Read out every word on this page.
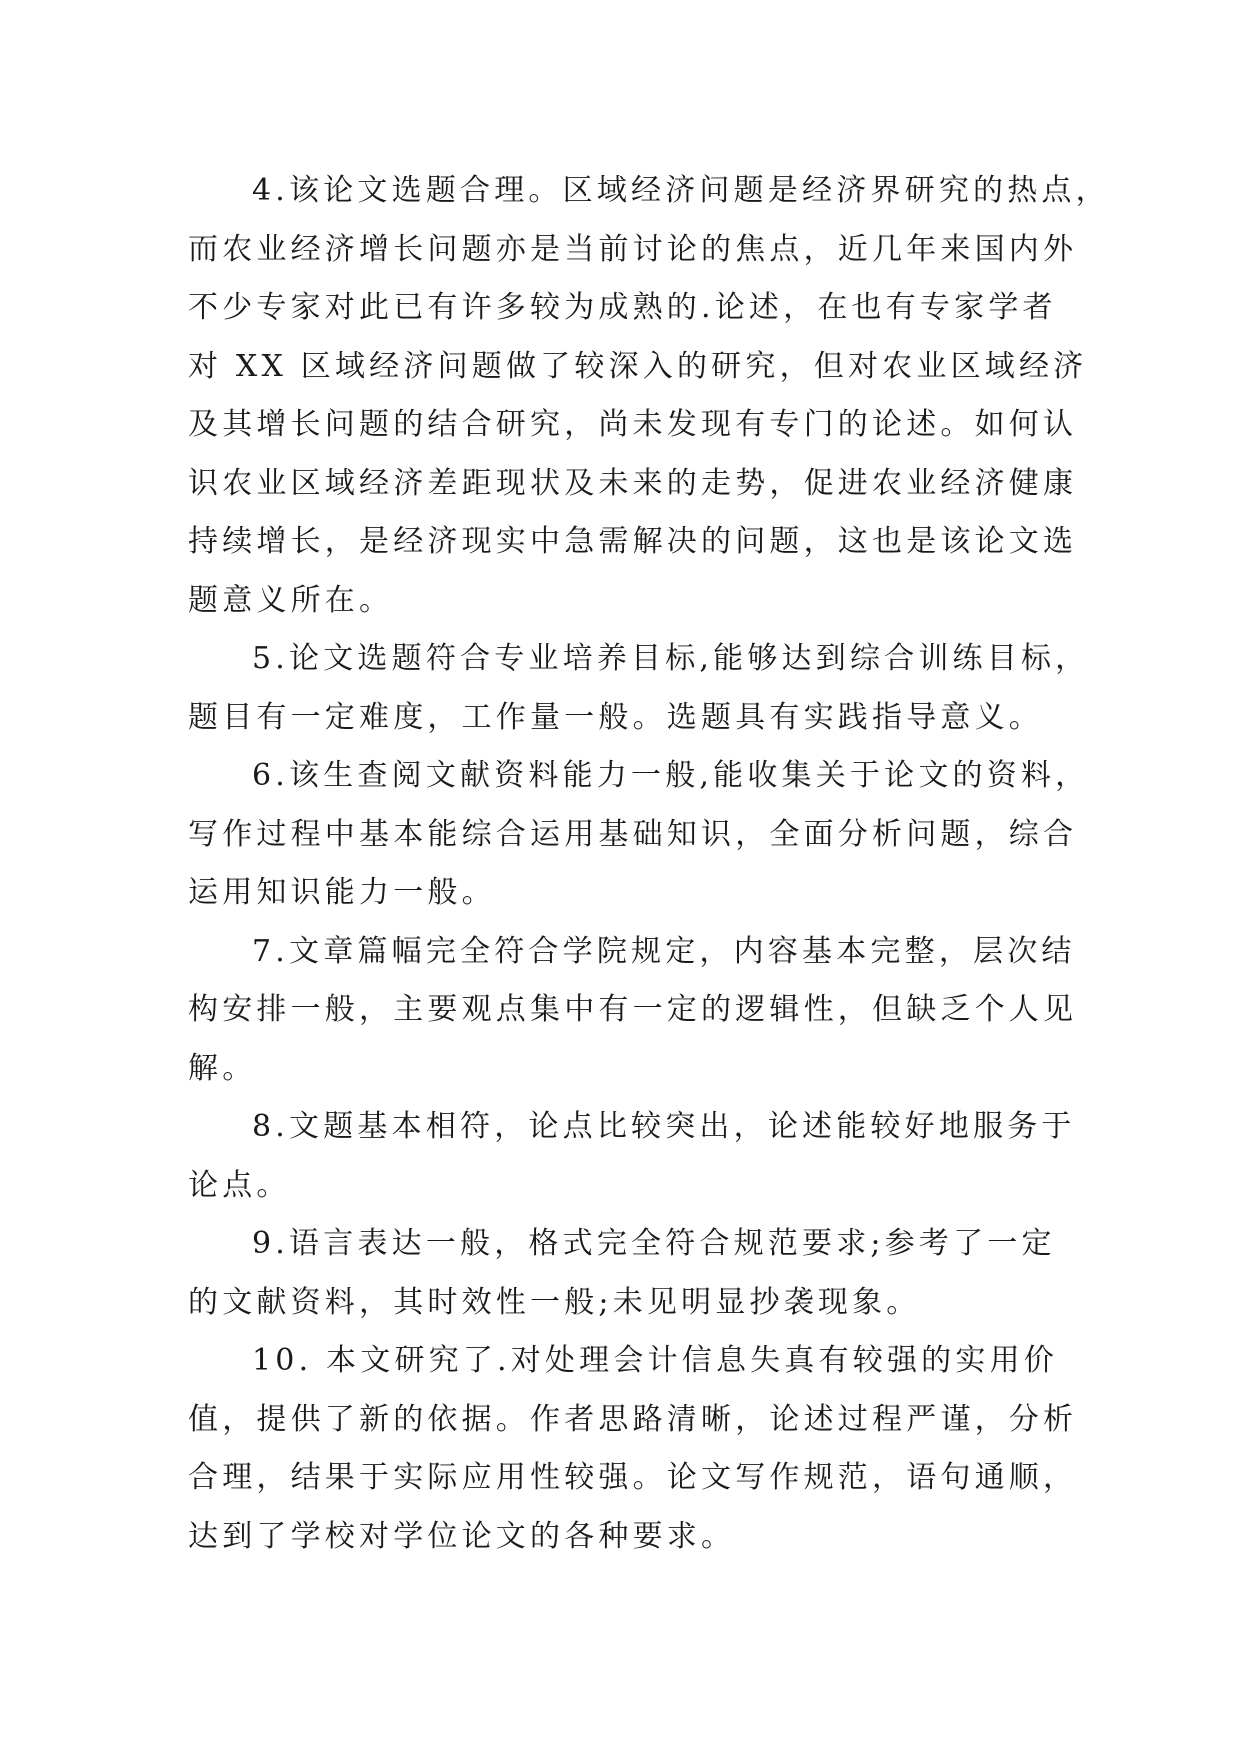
4.该论文选题合理。区域经济问题是经济界研究的热点，
而农业经济增长问题亦是当前讨论的焦点，近几年来国内外
不少专家对此已有许多较为成熟的.论述，在也有专家学者
对 XX 区域经济问题做了较深入的研究，但对农业区域经济
及其增长问题的结合研究，尚未发现有专门的论述。如何认
识农业区域经济差距现状及未来的走势，促进农业经济健康
持续增长，是经济现实中急需解决的问题，这也是该论文选
题意义所在。

5.论文选题符合专业培养目标,能够达到综合训练目标，
题目有一定难度，工作量一般。选题具有实践指导意义。

6.该生查阅文献资料能力一般,能收集关于论文的资料，
写作过程中基本能综合运用基础知识，全面分析问题，综合
运用知识能力一般。

7.文章篇幅完全符合学院规定，内容基本完整，层次结
构安排一般，主要观点集中有一定的逻辑性，但缺乏个人见
解。

8.文题基本相符，论点比较突出，论述能较好地服务于
论点。

9.语言表达一般，格式完全符合规范要求;参考了一定
的文献资料，其时效性一般;未见明显抄袭现象。

10. 本文研究了.对处理会计信息失真有较强的实用价
值，提供了新的依据。作者思路清晰，论述过程严谨，分析
合理，结果于实际应用性较强。论文写作规范，语句通顺，
达到了学校对学位论文的各种要求。
